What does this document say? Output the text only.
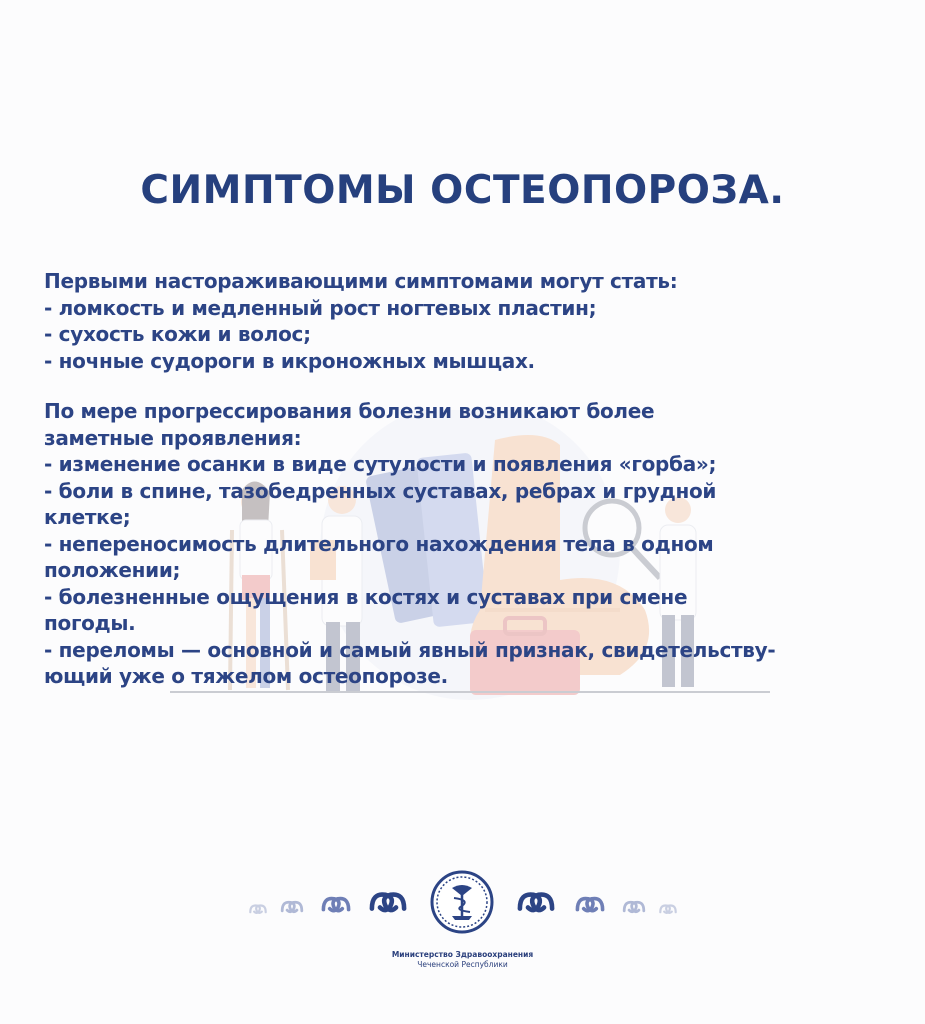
СИМПТОМЫ ОСТЕОПОРОЗА.
Первыми настораживающими симптомами могут стать:
- ломкость и медленный рост ногтевых пластин;
- сухость кожи и волос;
- ночные судороги в икроножных мышцах.
По мере прогрессирования болезни возникают более
заметные проявления:
- изменение осанки в виде сутулости и появления «горба»;
- боли в спине, тазобедренных суставах, ребрах и грудной
клетке;
- непереносимость длительного нахождения тела в одном
положении;
- болезненные ощущения в костях и суставах при смене
погоды.
- переломы — основной и самый явный признак, свидетельству-
ющий уже о тяжелом остеопорозе.
Министерство Здравоохранения
Чеченской Республики
